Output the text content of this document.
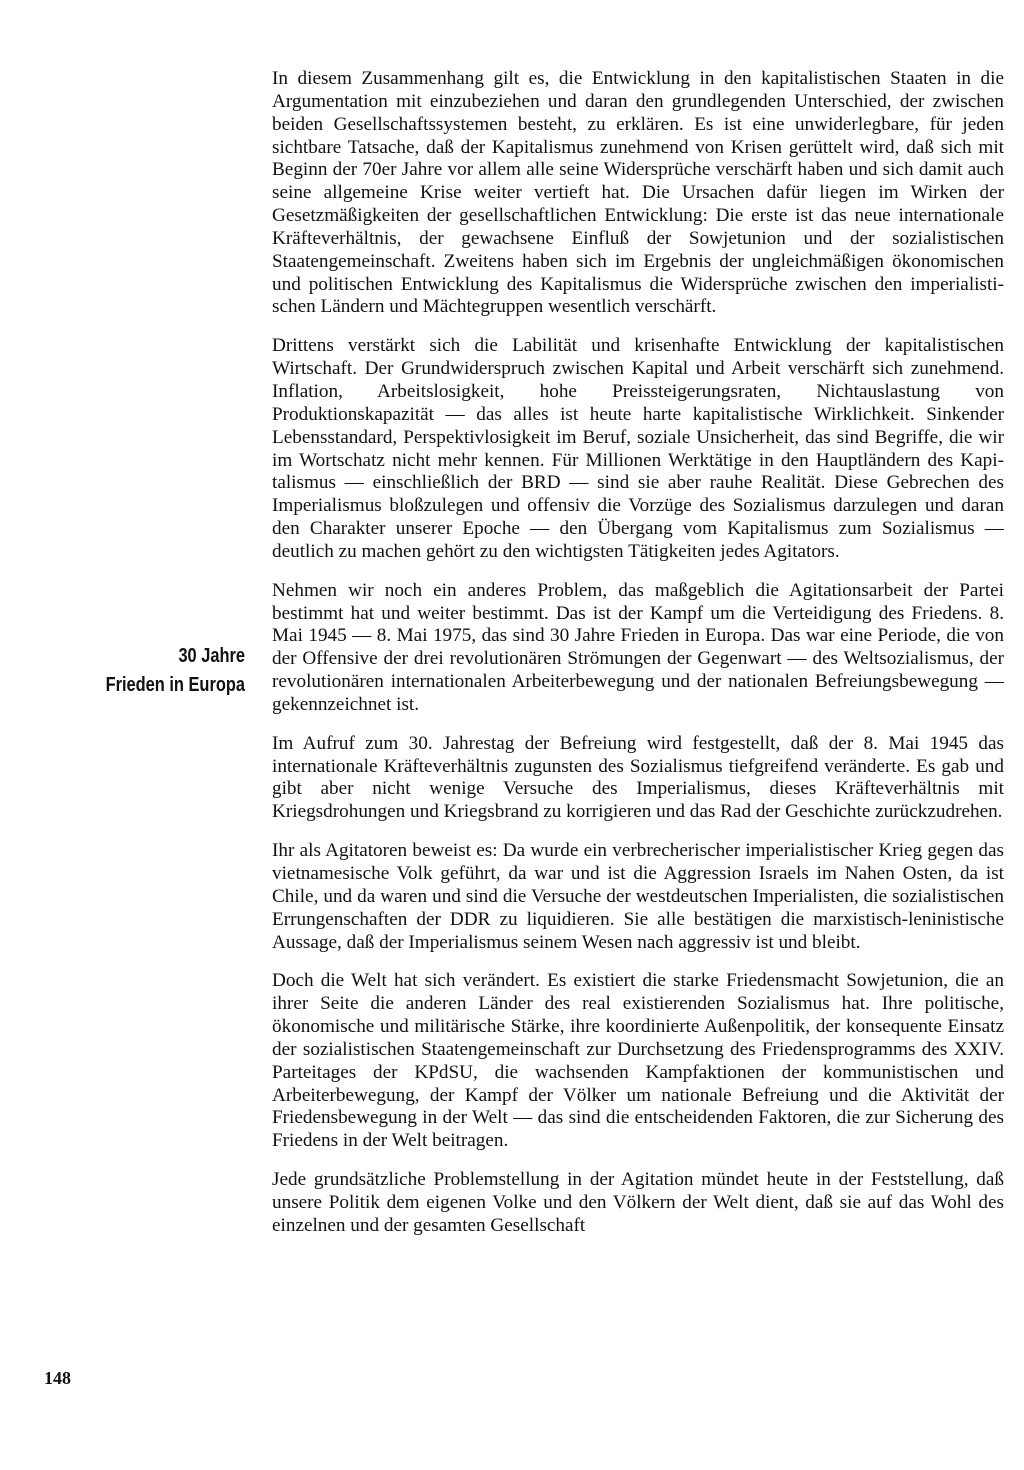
In diesem Zusammenhang gilt es, die Entwicklung in den kapitalistischen Staaten in die Argumentation mit einzubeziehen und daran den grundlegenden Unterschied, der zwischen beiden Gesellschaftssystemen besteht, zu erklären. Es ist eine unwiderlegbare, für jeden sichtbare Tatsache, daß der Kapitalismus zunehmend von Krisen gerüttelt wird, daß sich mit Beginn der 70er Jahre vor allem alle seine Widersprüche verschärft haben und sich damit auch seine allgemeine Krise weiter vertieft hat. Die Ursachen dafür liegen im Wirken der Gesetzmäßigkeiten der gesellschaftlichen Entwicklung: Die erste ist das neue internationale Kräfteverhältnis, der gewachsene Einfluß der Sowjetunion und der sozialistischen Staatengemeinschaft. Zweitens haben sich im Ergebnis der ungleichmäßigen ökonomischen und politischen Entwicklung des Kapitalismus die Widersprüche zwischen den imperialistischen Ländern und Mächtegruppen wesentlich verschärft.

Drittens verstärkt sich die Labilität und krisenhafte Entwicklung der kapitalistischen Wirtschaft. Der Grundwiderspruch zwischen Kapital und Arbeit verschärft sich zunehmend. Inflation, Arbeitslosigkeit, hohe Preissteigerungsraten, Nichtauslastung von Produktionskapazität — das alles ist heute harte kapitalistische Wirklichkeit. Sinkender Lebensstandard, Perspektivlosigkeit im Beruf, soziale Unsicherheit, das sind Begriffe, die wir im Wortschatz nicht mehr kennen. Für Millionen Werktätige in den Hauptländern des Kapitalismus — einschließlich der BRD — sind sie aber rauhe Realität. Diese Gebrechen des Imperialismus bloßzulegen und offensiv die Vorzüge des Sozialismus darzulegen und daran den Charakter unserer Epoche — den Übergang vom Kapitalismus zum Sozialismus — deutlich zu machen gehört zu den wichtigsten Tätigkeiten jedes Agitators.

Nehmen wir noch ein anderes Problem, das maßgeblich die Agitationsarbeit der Partei bestimmt hat und weiter bestimmt. Das ist der Kampf um die Verteidigung des Friedens. 8. Mai 1945 — 8. Mai 1975, das sind 30 Jahre Frieden in Europa. Das war eine Periode, die von der Offensive der drei revolutionären Strömungen der Gegenwart — des Weltsozialismus, der revolutionären internationalen Arbeiterbewegung und der nationalen Befreiungsbewegung — gekennzeichnet ist.

Im Aufruf zum 30. Jahrestag der Befreiung wird festgestellt, daß der 8. Mai 1945 das internationale Kräfteverhältnis zugunsten des Sozialismus tiefgreifend veränderte. Es gab und gibt aber nicht wenige Versuche des Imperialismus, dieses Kräfteverhältnis mit Kriegsdrohungen und Kriegsbrand zu korrigieren und das Rad der Geschichte zurückzudrehen.

Ihr als Agitatoren beweist es: Da wurde ein verbrecherischer imperialistischer Krieg gegen das vietnamesische Volk geführt, da war und ist die Aggression Israels im Nahen Osten, da ist Chile, und da waren und sind die Versuche der westdeutschen Imperialisten, die sozialistischen Errungenschaften der DDR zu liquidieren. Sie alle bestätigen die marxistisch-leninistische Aussage, daß der Imperialismus seinem Wesen nach aggressiv ist und bleibt.

Doch die Welt hat sich verändert. Es existiert die starke Friedensmacht Sowjetunion, die an ihrer Seite die anderen Länder des real existierenden Sozialismus hat. Ihre politische, ökonomische und militärische Stärke, ihre koordinierte Außenpolitik, der konsequente Einsatz der sozialistischen Staatengemeinschaft zur Durchsetzung des Friedensprogramms des XXIV. Parteitages der KPdSU, die wachsenden Kampfaktionen der kommunistischen und Arbeiterbewegung, der Kampf der Völker um nationale Befreiung und die Aktivität der Friedensbewegung in der Welt — das sind die entscheidenden Faktoren, die zur Sicherung des Friedens in der Welt beitragen.

Jede grundsätzliche Problemstellung in der Agitation mündet heute in der Feststellung, daß unsere Politik dem eigenen Volke und den Völkern der Welt dient, daß sie auf das Wohl des einzelnen und der gesamten Gesellschaft

30 Jahre
Frieden in Europa
148
